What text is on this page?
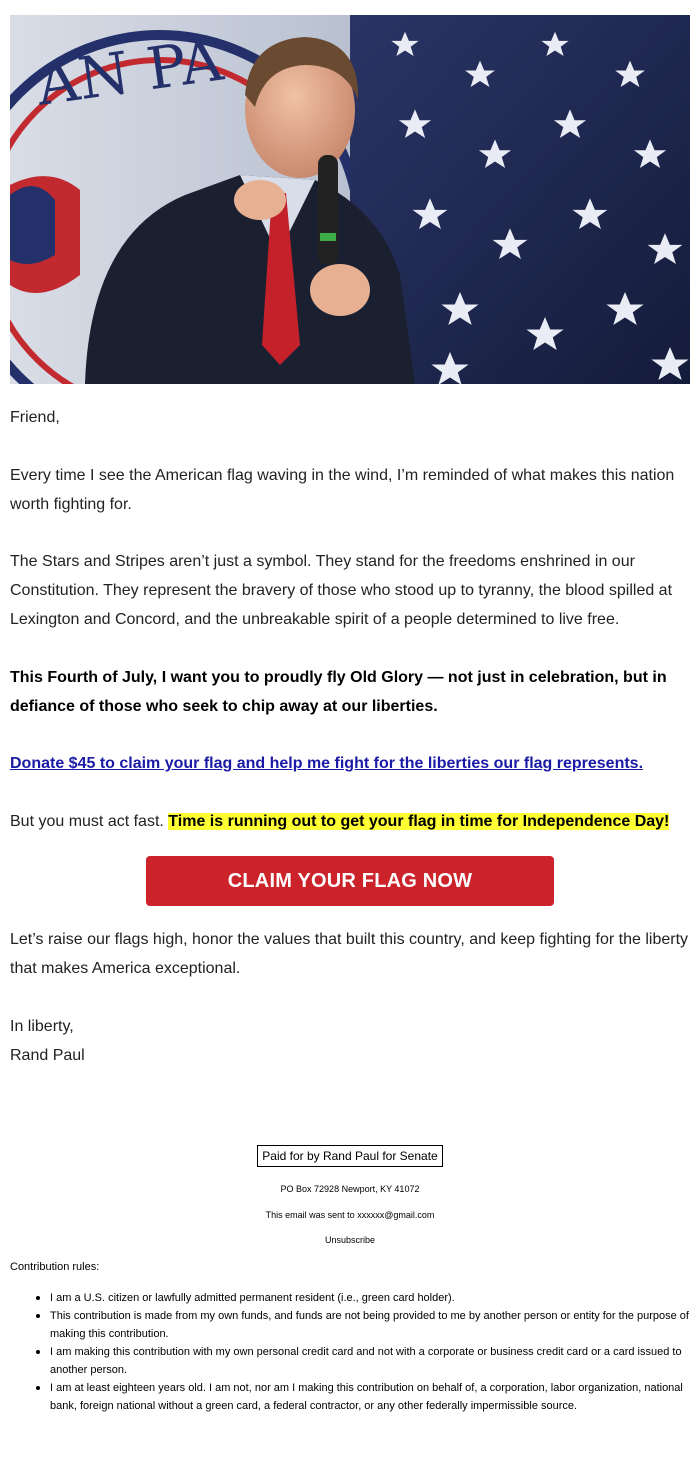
AN PA

Friend,

Every time I see the American flag waving in the wind, I’m reminded of what makes this nation worth fighting for.

The Stars and Stripes aren’t just a symbol. They stand for the freedoms enshrined in our Constitution. They represent the bravery of those who stood up to tyranny, the blood spilled at Lexington and Concord, and the unbreakable spirit of a people determined to live free.

This Fourth of July, I want you to proudly fly Old Glory — not just in celebration, but in defiance of those who seek to chip away at our liberties.

Donate $45 to claim your flag and help me fight for the liberties our flag represents.

But you must act fast. Time is running out to get your flag in time for Independence Day!

CLAIM YOUR FLAG NOW

Let’s raise our flags high, honor the values that built this country, and keep fighting for the liberty that makes America exceptional.

In liberty,
Rand Paul

Paid for by Rand Paul for Senate
PO Box 72928 Newport, KY 41072
This email was sent to xxxxxx@gmail.com
Unsubscribe
Contribution rules:
I am a U.S. citizen or lawfully admitted permanent resident (i.e., green card holder).
This contribution is made from my own funds, and funds are not being provided to me by another person or entity for the purpose of making this contribution.
I am making this contribution with my own personal credit card and not with a corporate or business credit card or a card issued to another person.
I am at least eighteen years old. I am not, nor am I making this contribution on behalf of, a corporation, labor organization, national bank, foreign national without a green card, a federal contractor, or any other federally impermissible source.
